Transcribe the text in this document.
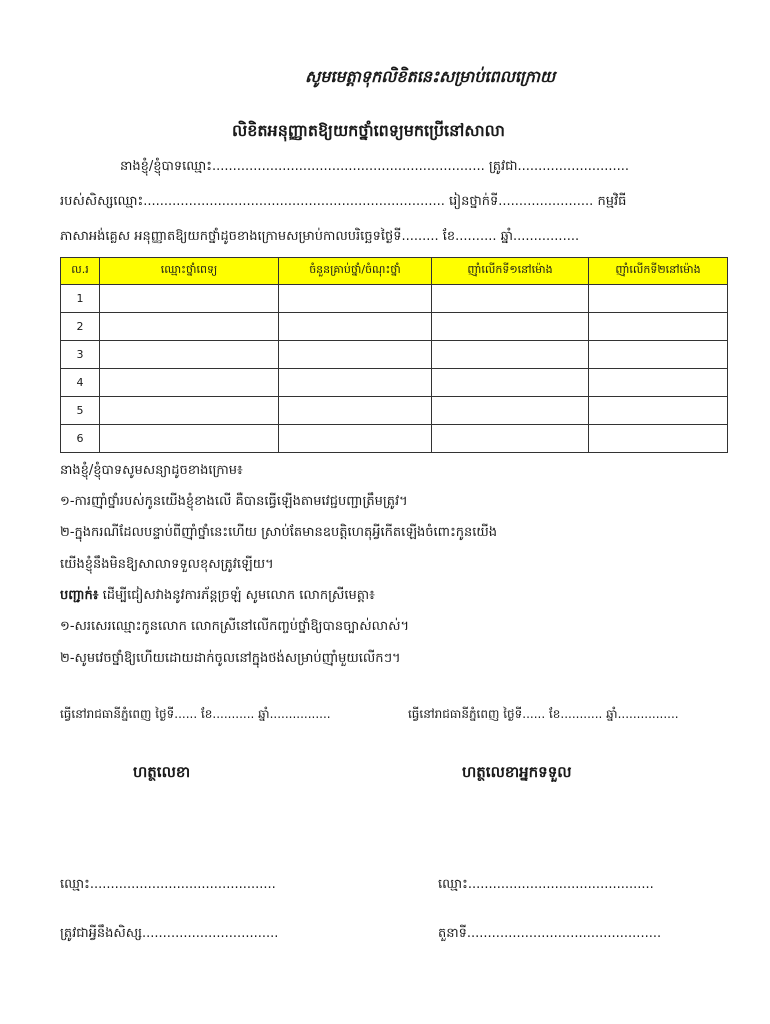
សូមមេត្តាទុកលិខិតនេះសម្រាប់ពេលក្រោយ
លិខិតអនុញ្ញាតឱ្យយកថ្នាំពេទ្យមកប្រើនៅសាលា
នាងខ្ញុំ/ខ្ញុំបាទឈ្មោះ.................................................................. ត្រូវជា...........................
របស់សិស្សឈ្មោះ......................................................................... រៀនថ្នាក់ទី....................... កម្មវិធី
ភាសាអង់គ្លេស អនុញ្ញាតឱ្យយកថ្នាំដូចខាងក្រោមសម្រាប់កាលបរិច្ឆេទថ្ងៃទី......... ខែ.......... ឆ្នាំ................
ល.រ	ឈ្មោះថ្នាំពេទ្យ	ចំនួនគ្រាប់ថ្នាំ/ចំណុះថ្នាំ	ញ៉ាំលើកទី១នៅម៉ោង	ញ៉ាំលើកទី២នៅម៉ោង
1				
2				
3				
4				
5				
6				
នាងខ្ញុំ/ខ្ញុំបាទសូមសន្យាដូចខាងក្រោម៖
១-ការញ៉ាំថ្នាំរបស់កូនយើងខ្ញុំខាងលើ គឺបានធ្វើឡើងតាមវេជ្ជបញ្ជាត្រឹមត្រូវ។
២-ក្នុងករណីដែលបន្ទាប់ពីញ៉ាំថ្នាំនេះហើយ ស្រាប់តែមានឧបត្តិហេតុអ្វីកើតឡើងចំពោះកូនយើង
យើងខ្ញុំនឹងមិនឱ្យសាលាទទួលខុសត្រូវឡើយ។
បញ្ជាក់៖ ដើម្បីជៀសវាងនូវការភ័ន្តច្រឡំ សូមលោក លោកស្រីមេត្តា៖
១-សរសេរឈ្មោះកូនលោក លោកស្រីនៅលើកញ្ចប់ថ្នាំឱ្យបានច្បាស់លាស់។
២-សូមវេចថ្នាំឱ្យហើយដោយដាក់ចូលនៅក្នុងថង់សម្រាប់ញ៉ាំមួយលើកៗ។
ធ្វើនៅរាជធានីភ្នំពេញ ថ្ងៃទី...... ខែ........... ឆ្នាំ................	ធ្វើនៅរាជធានីភ្នំពេញ ថ្ងៃទី...... ខែ........... ឆ្នាំ................
ហត្ថលេខា	ហត្ថលេខាអ្នកទទួល
ឈ្មោះ.............................................	ឈ្មោះ.............................................
ត្រូវជាអ្វីនឹងសិស្ស.................................	តួនាទី...............................................
